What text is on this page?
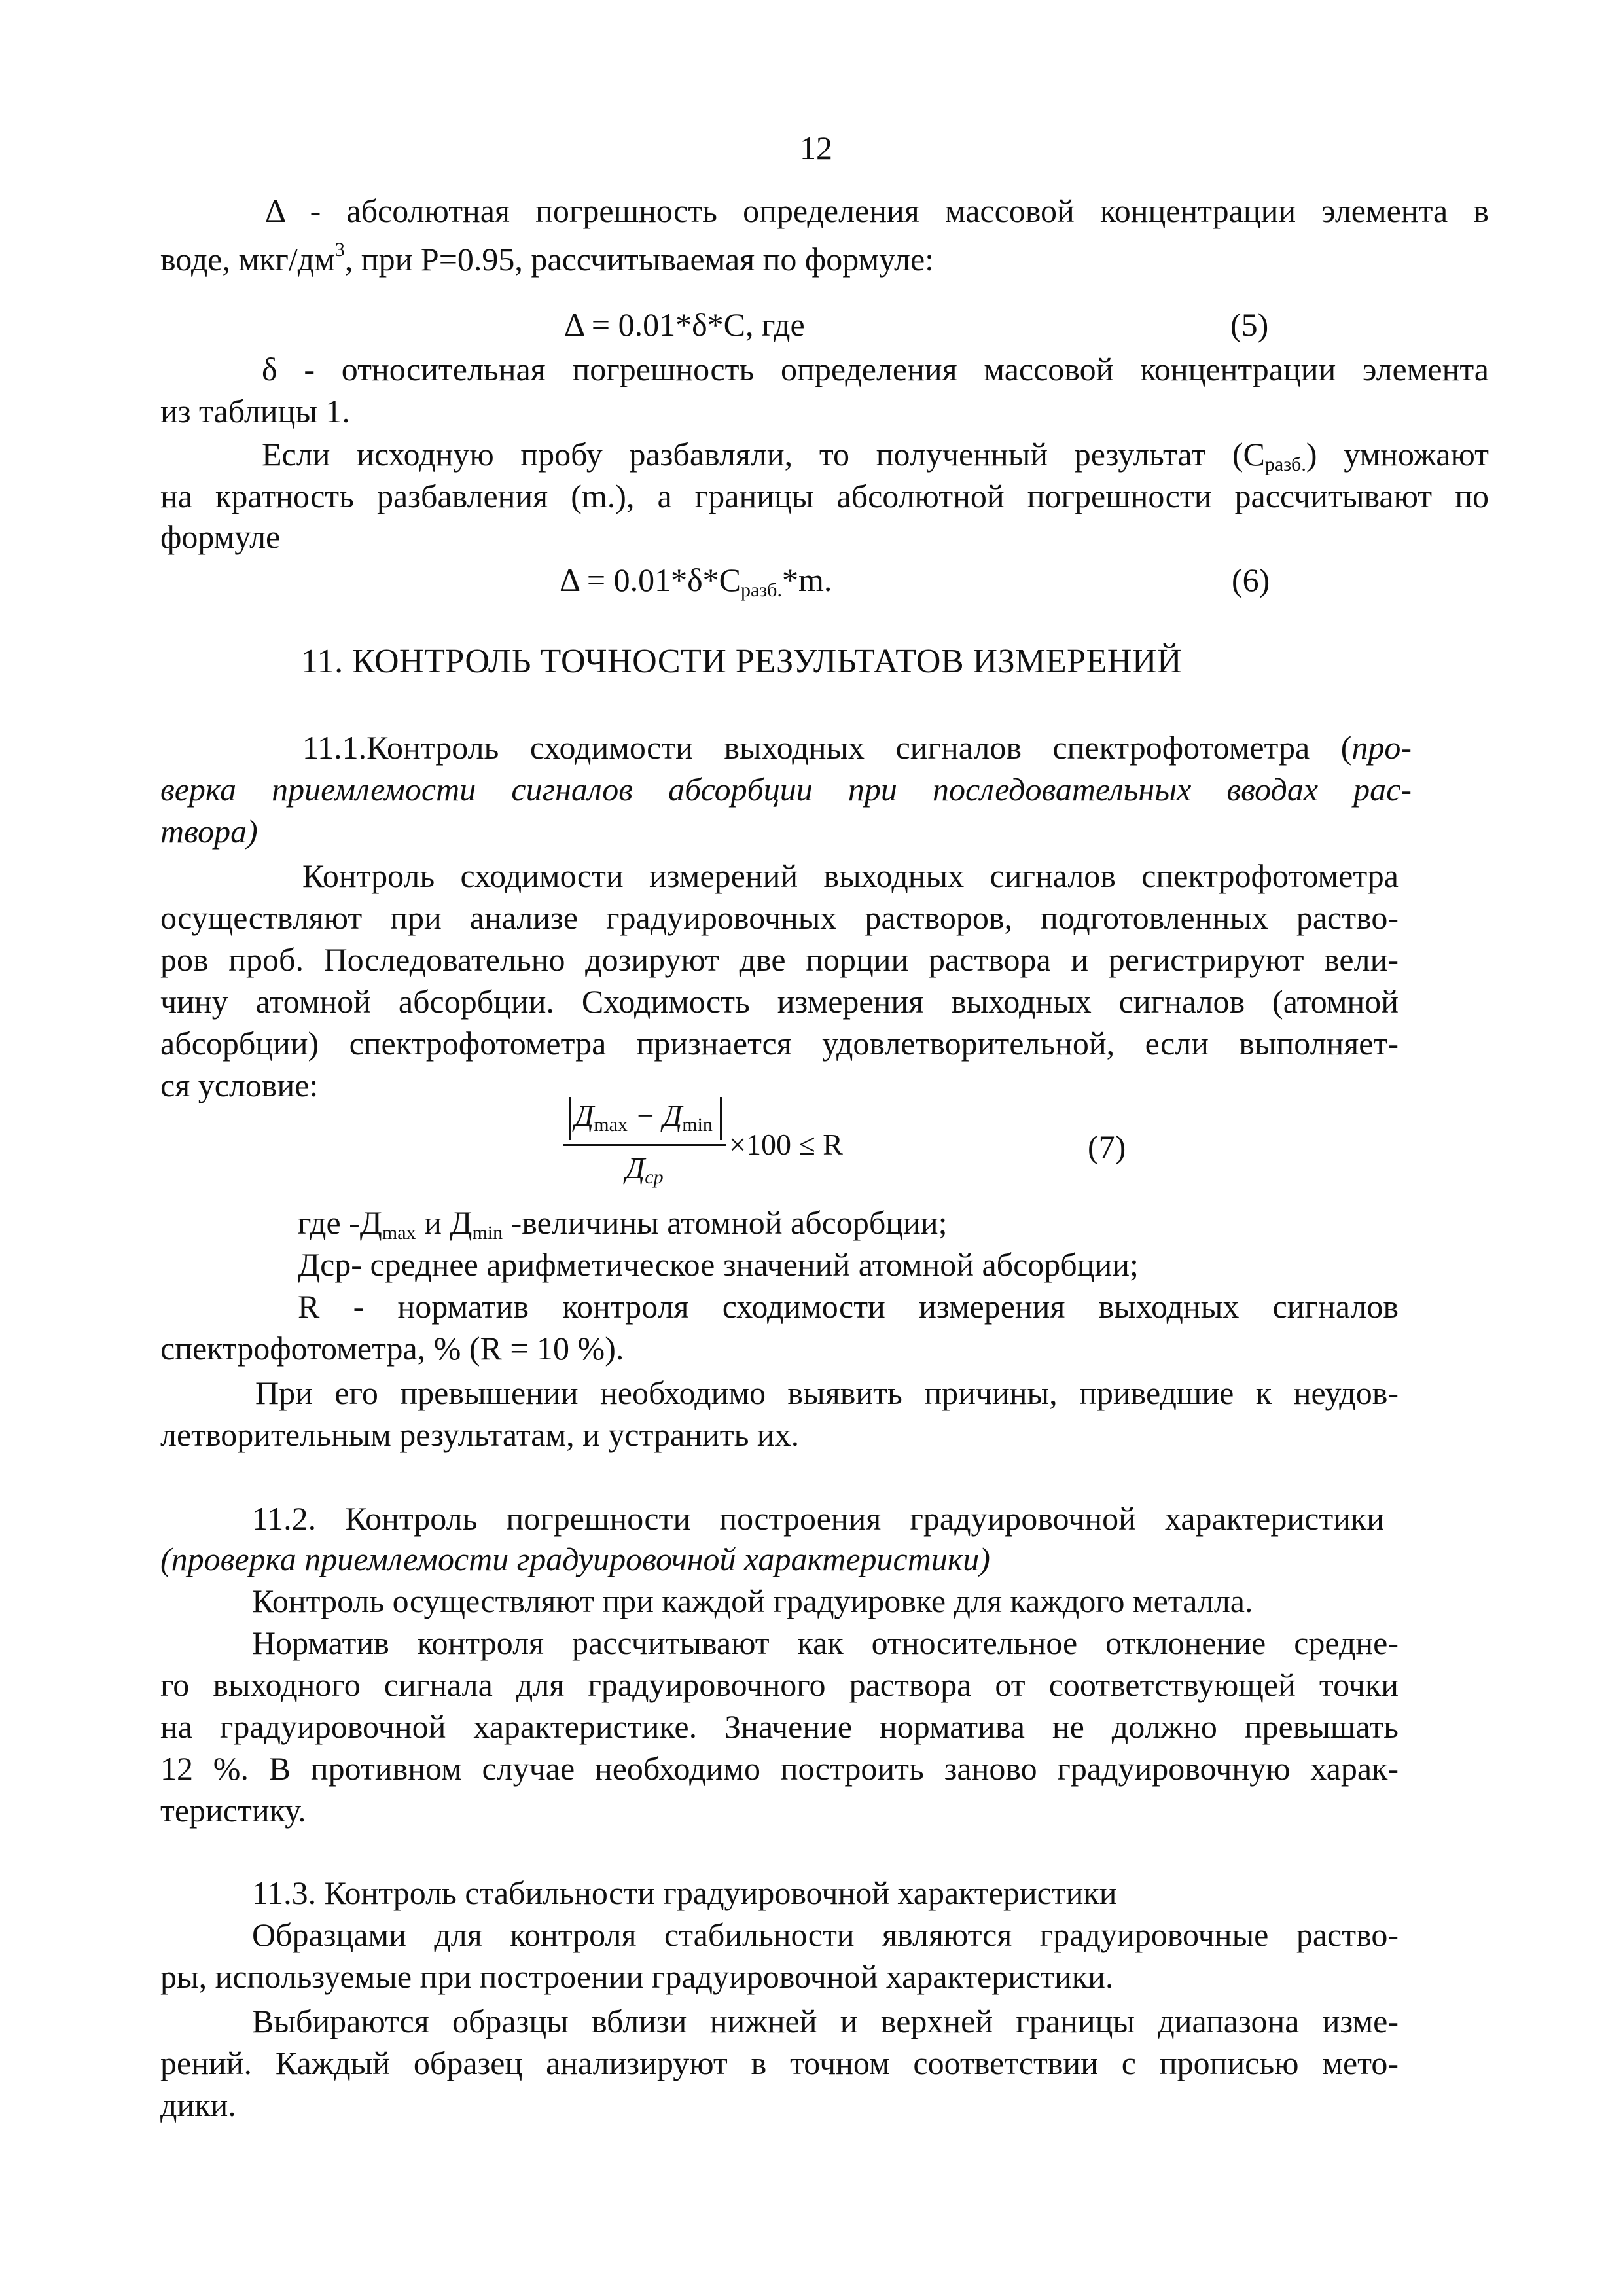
12
Δ - абсолютная погрешность определения массовой концентрации элемента в
воде, мкг/$дм^3$, при Р=0.95, рассчитываемая по формуле:
Δ = 0.01*δ*C, где	(5)
δ - относительная погрешность определения массовой концентрации элемента
из таблицы 1.
Если исходную пробу разбавляли, то полученный результат $(С_{разб.})$ умножают
на кратность разбавления (m.), а границы абсолютной погрешности рассчитывают по
формуле
$\Delta = 0.01*\delta*C_{разб.}*m$.	(6)
11. КОНТРОЛЬ ТОЧНОСТИ РЕЗУЛЬТАТОВ ИЗМЕРЕНИЙ
11.1.Контроль сходимости выходных сигналов спектрофотометра (про-
верка приемлемости сигналов абсорбции при последовательных вводах рас-
твора)
Контроль сходимости измерений выходных сигналов спектрофотометра
осуществляют при анализе градуировочных растворов, подготовленных раство-
ров проб. Последовательно дозируют две порции раствора и регистрируют вели-
чину атомной абсорбции. Сходимость измерения выходных сигналов (атомной
абсорбции) спектрофотометра признается удовлетворительной, если выполняет-
ся условие:
$Д_{max} - Д_{min}$
$Д_{ср}$
×100 ≤ R	(7)
где $-Д_{max}$ и $Д_{min}$ -величины атомной абсорбции;
Дср- среднее арифметическое значений атомной абсорбции;
R - норматив контроля сходимости измерения выходных сигналов
спектрофотометра, % (R = 10 %).
При его превышении необходимо выявить причины, приведшие к неудов-
летворительным результатам, и устранить их.
11.2. Контроль погрешности построения градуировочной характеристики
(проверка приемлемости градуировочной характеристики)
Контроль осуществляют при каждой градуировке для каждого металла.
Норматив контроля рассчитывают как относительное отклонение средне-
го выходного сигнала для градуировочного раствора от соответствующей точки
на градуировочной характеристике. Значение норматива не должно превышать
12 %. В противном случае необходимо построить заново градуировочную харак-
теристику.
11.3. Контроль стабильности градуировочной характеристики
Образцами для контроля стабильности являются градуировочные раство-
ры, используемые при построении градуировочной характеристики.
Выбираются образцы вблизи нижней и верхней границы диапазона изме-
рений. Каждый образец анализируют в точном соответствии с прописью мето-
дики.
